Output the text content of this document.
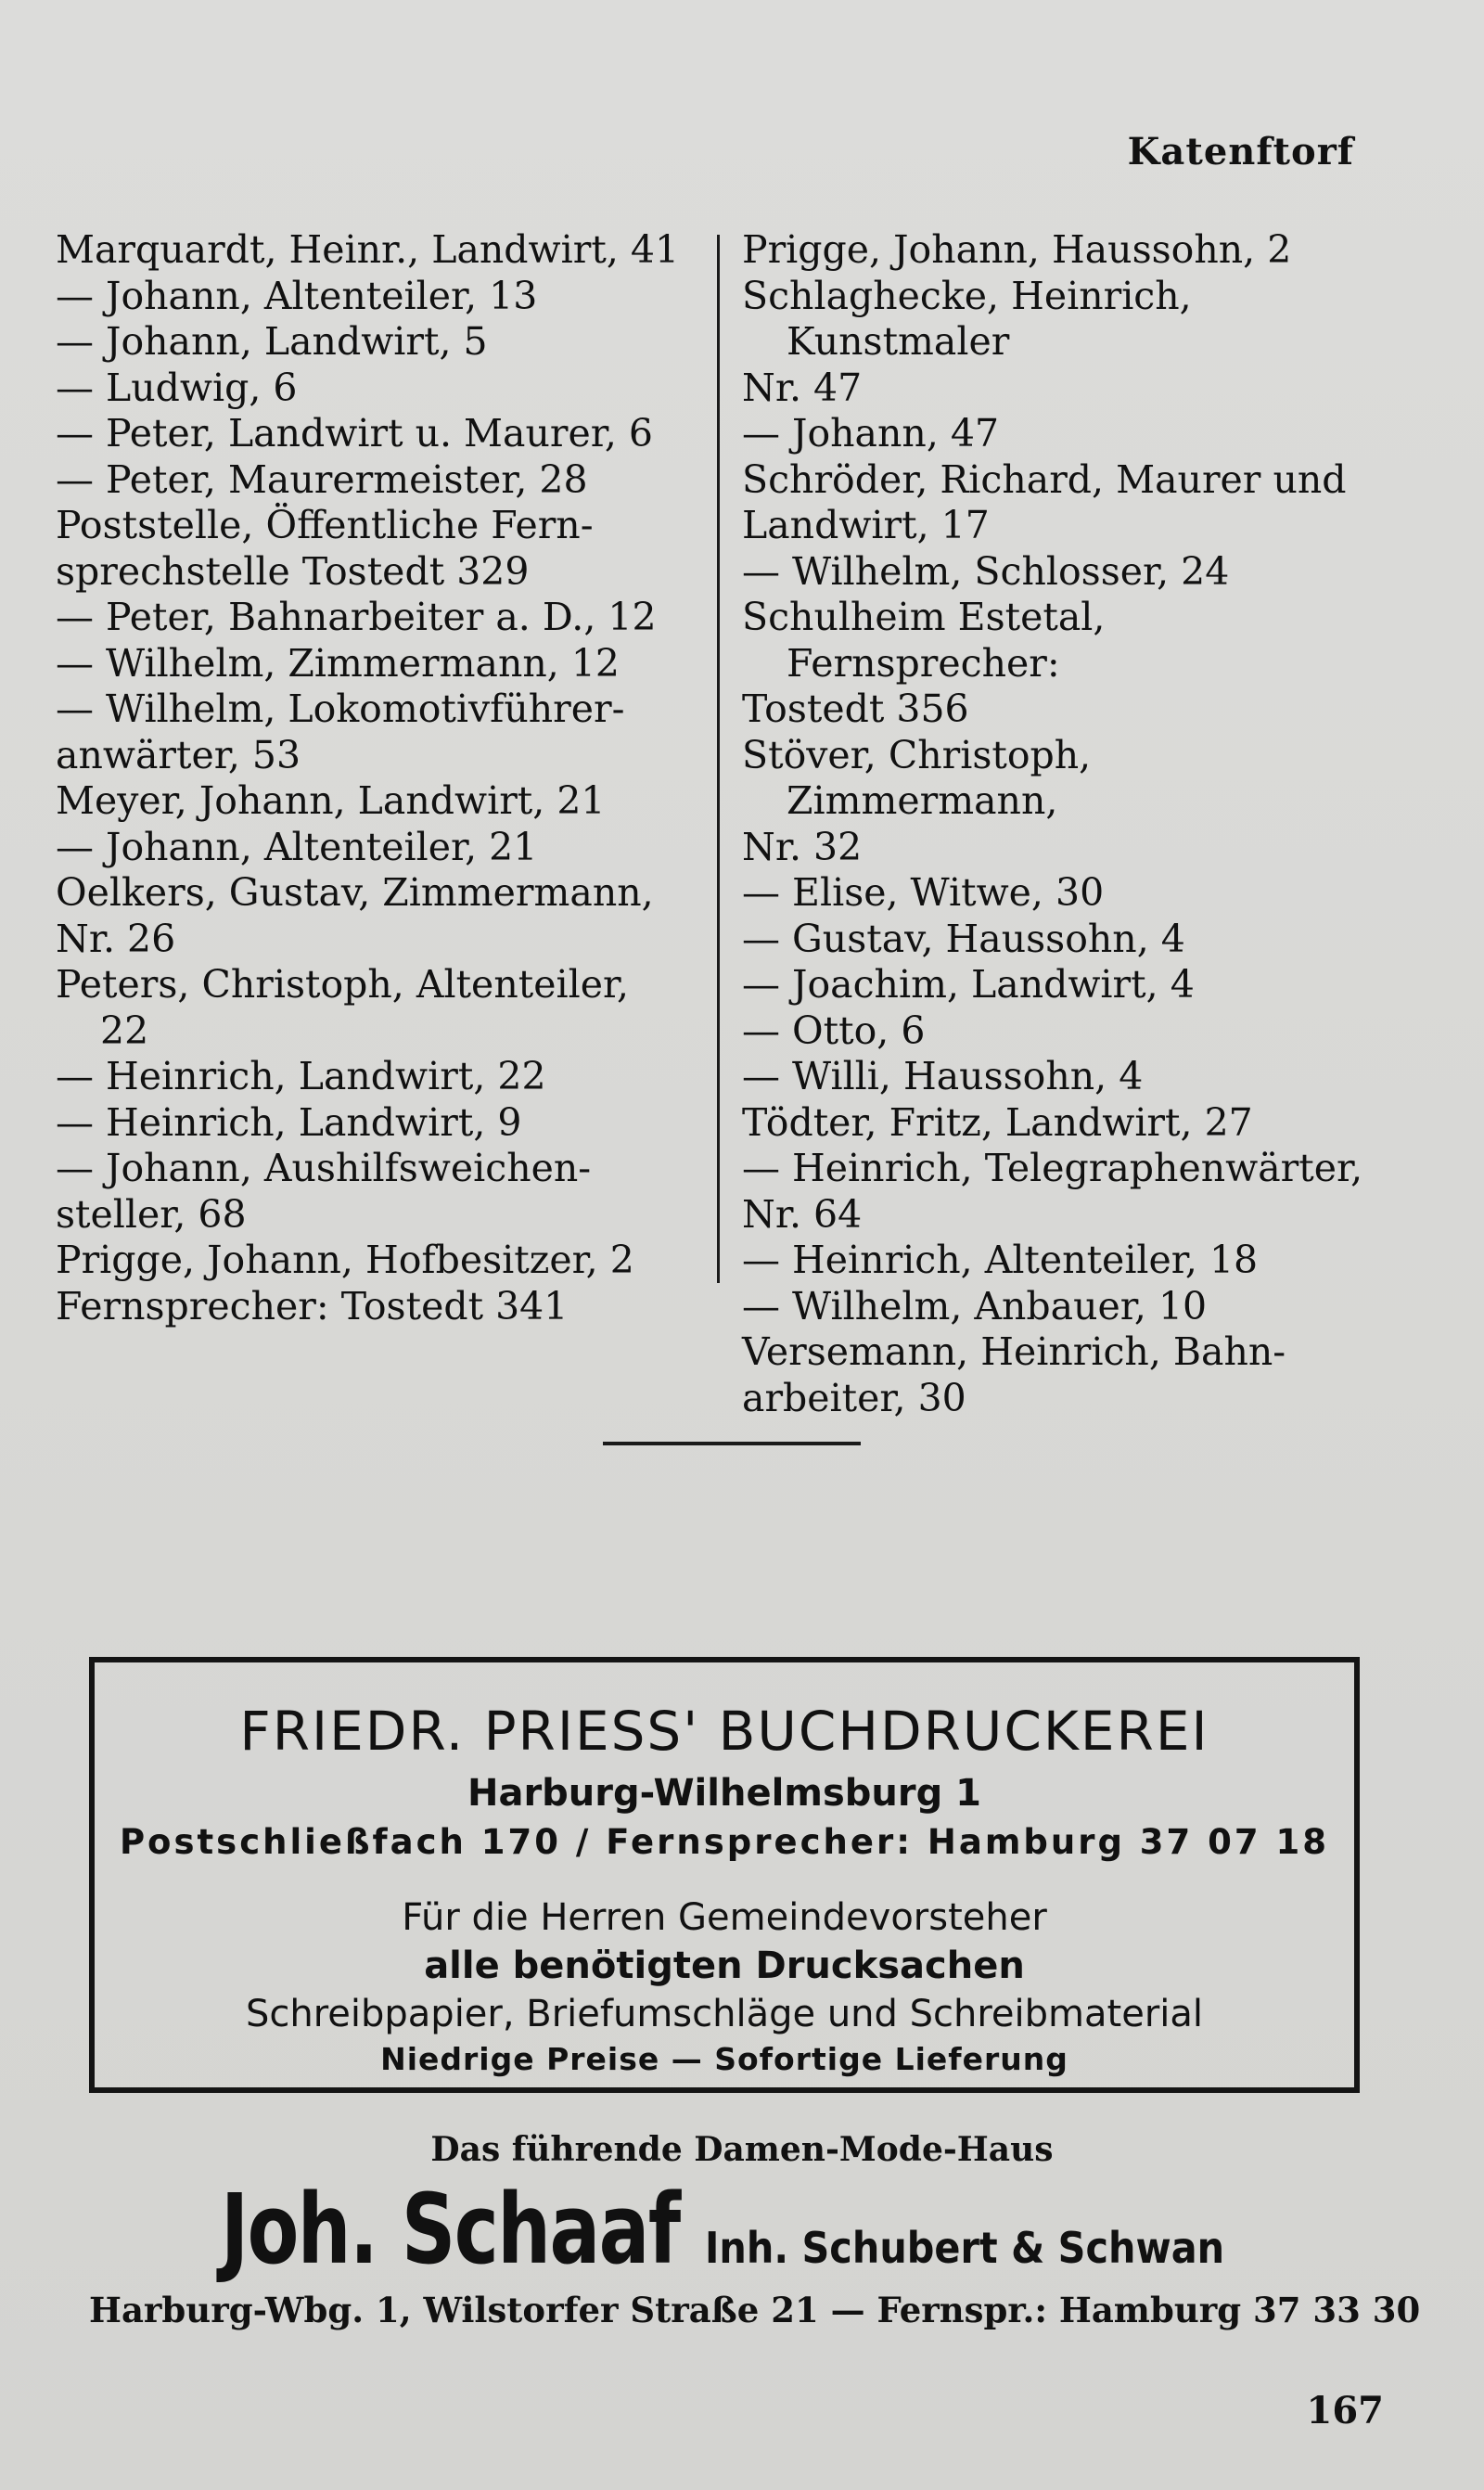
Katenftorf

Marquardt, Heinr., Landwirt, 41

— Johann, Altenteiler, 13

— Johann, Landwirt, 5

— Ludwig, 6

— Peter, Landwirt u. Maurer, 6

— Peter, Maurermeister, 28

Poststelle, Öffentliche Fern-

sprechstelle Tostedt 329

— Peter, Bahnarbeiter a. D., 12

— Wilhelm, Zimmermann, 12

— Wilhelm, Lokomotivführer-

anwärter, 53

Meyer, Johann, Landwirt, 21

— Johann, Altenteiler, 21

Oelkers, Gustav, Zimmermann,

Nr. 26

Peters, Christoph, Altenteiler, 22

— Heinrich, Landwirt, 22

— Heinrich, Landwirt, 9

— Johann, Aushilfsweichen-

steller, 68

Prigge, Johann, Hofbesitzer, 2

Fernsprecher: Tostedt 341

Prigge, Johann, Haussohn, 2

Schlaghecke, Heinrich, Kunstmaler

Nr. 47

— Johann, 47

Schröder, Richard, Maurer und

Landwirt, 17

— Wilhelm, Schlosser, 24

Schulheim Estetal, Fernsprecher:

Tostedt 356

Stöver, Christoph, Zimmermann,

Nr. 32

— Elise, Witwe, 30

— Gustav, Haussohn, 4

— Joachim, Landwirt, 4

— Otto, 6

— Willi, Haussohn, 4

Tödter, Fritz, Landwirt, 27

— Heinrich, Telegraphenwärter,

Nr. 64

— Heinrich, Altenteiler, 18

— Wilhelm, Anbauer, 10

Versemann, Heinrich, Bahn-

arbeiter, 30

FRIEDR. PRIESS' BUCHDRUCKEREI
Harburg-Wilhelmsburg 1
Postschließfach 170 / Fernsprecher: Hamburg 37 07 18
Für die Herren Gemeindevorsteher
alle benötigten Drucksachen
Schreibpapier, Briefumschläge und Schreibmaterial
Niedrige Preise — Sofortige Lieferung
Das führende Damen-Mode-Haus
Joh. Schaaf Inh. Schubert & Schwan
Harburg-Wbg. 1, Wilstorfer Straße 21 — Fernspr.: Hamburg 37 33 30
167
